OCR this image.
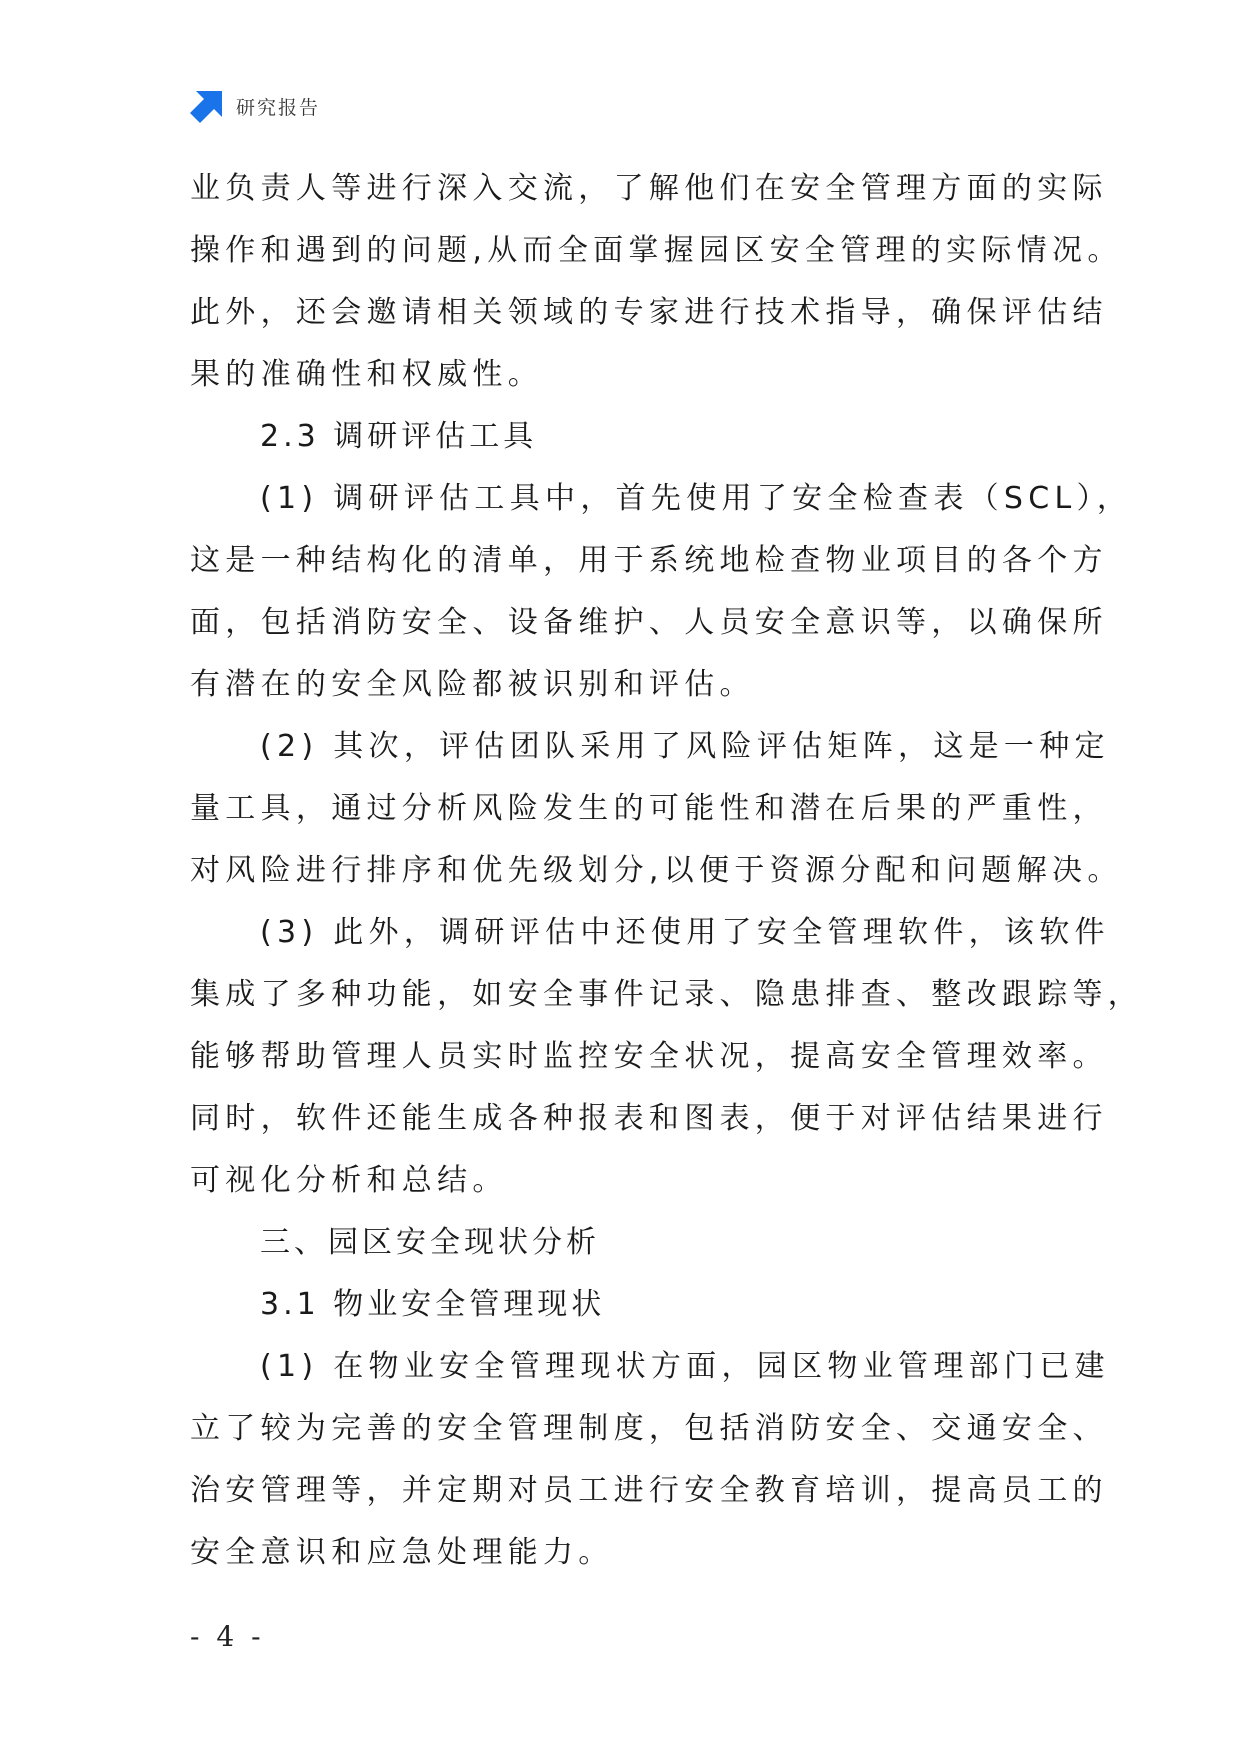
研究报告
业负责人等进行深入交流，了解他们在安全管理方面的实际
操作和遇到的问题,从而全面掌握园区安全管理的实际情况。
此外，还会邀请相关领域的专家进行技术指导，确保评估结
果的准确性和权威性。
2.3 调研评估工具
(1) 调研评估工具中，首先使用了安全检查表（SCL），
这是一种结构化的清单，用于系统地检查物业项目的各个方
面，包括消防安全、设备维护、人员安全意识等，以确保所
有潜在的安全风险都被识别和评估。
(2) 其次，评估团队采用了风险评估矩阵，这是一种定
量工具，通过分析风险发生的可能性和潜在后果的严重性，
对风险进行排序和优先级划分,以便于资源分配和问题解决。
(3) 此外，调研评估中还使用了安全管理软件，该软件
集成了多种功能，如安全事件记录、隐患排查、整改跟踪等，
能够帮助管理人员实时监控安全状况，提高安全管理效率。
同时，软件还能生成各种报表和图表，便于对评估结果进行
可视化分析和总结。
三、园区安全现状分析
3.1 物业安全管理现状
(1) 在物业安全管理现状方面，园区物业管理部门已建
立了较为完善的安全管理制度，包括消防安全、交通安全、
治安管理等，并定期对员工进行安全教育培训，提高员工的
安全意识和应急处理能力。
- 4 -
